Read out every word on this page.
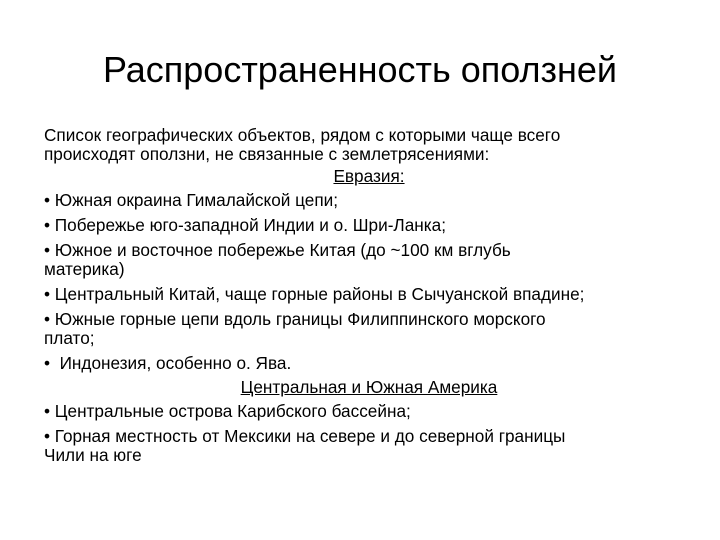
Распространенность оползней

Список географических объектов, рядом с которыми чаще всего

происходят оползни, не связанные с землетрясениями:

Евразия:

• Южная окраина Гималайской цепи;

• Побережье юго-западной Индии и о. Шри-Ланка;

• Южное и восточное побережье Китая (до ~100 км вглубь

материка)

• Центральный Китай, чаще горные районы в Сычуанской впадине;

• Южные горные цепи вдоль границы Филиппинского морского

плато;

•  Индонезия, особенно о. Ява.

Центральная и Южная Америка

• Центральные острова Карибского бассейна;

• Горная местность от Мексики на севере и до северной границы

Чили на юге
